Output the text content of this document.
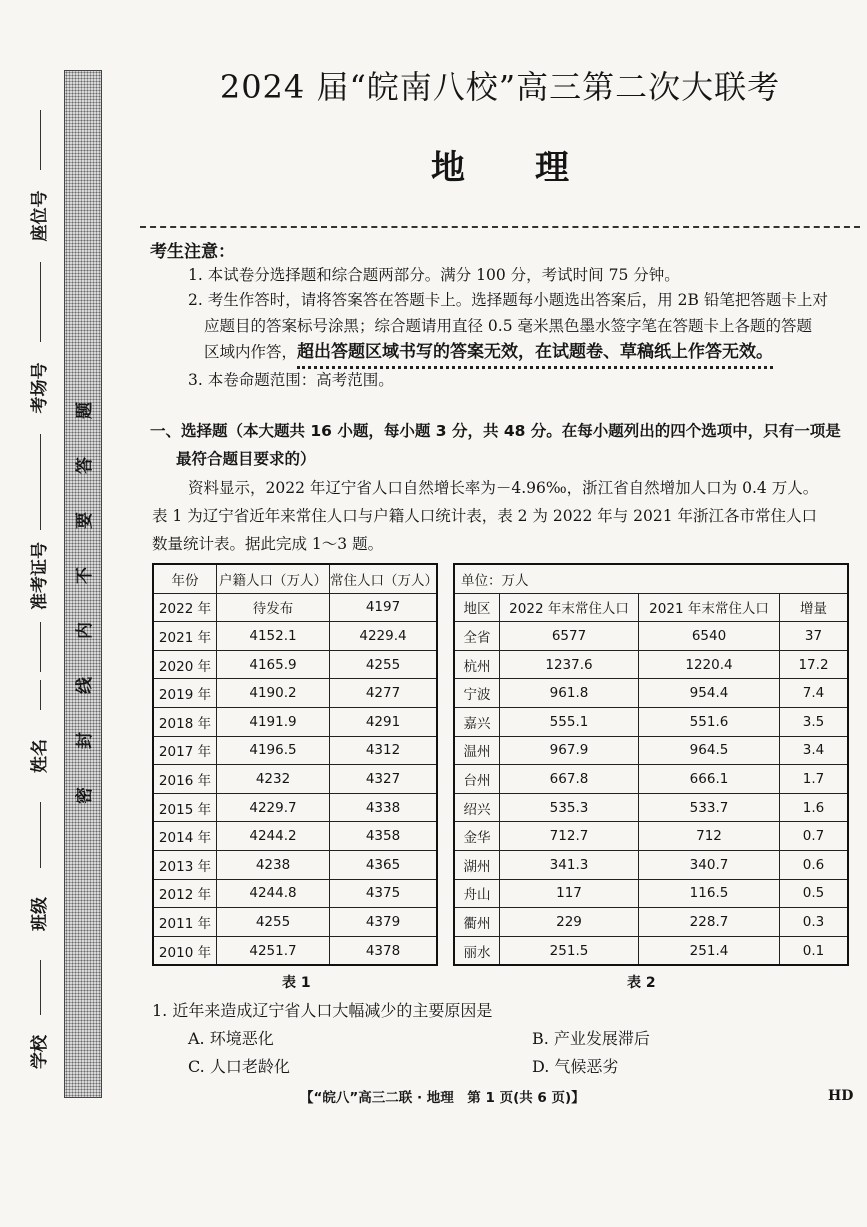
题
答
要
不
内
线
封
密
座位号
考场号
准考证号
姓名
班级
学校
2024 届“皖南八校”高三第二次大联考
地理
考生注意：
1. 本试卷分选择题和综合题两部分。满分 100 分，考试时间 75 分钟。
2. 考生作答时，请将答案答在答题卡上。选择题每小题选出答案后，用 2B 铅笔把答题卡上对
应题目的答案标号涂黑；综合题请用直径 0.5 毫米黑色墨水签字笔在答题卡上各题的答题
区域内作答，超出答题区域书写的答案无效，在试题卷、草稿纸上作答无效。
3. 本卷命题范围：高考范围。
一、选择题（本大题共 16 小题，每小题 3 分，共 48 分。在每小题列出的四个选项中，只有一项是
最符合题目要求的）
资料显示，2022 年辽宁省人口自然增长率为－4.96‰，浙江省自然增加人口为 0.4 万人。
表 1 为辽宁省近年来常住人口与户籍人口统计表，表 2 为 2022 年与 2021 年浙江各市常住人口
数量统计表。据此完成 1～3 题。
年份	户籍人口（万人）	常住人口（万人）
2022 年	待发布	4197
2021 年	4152.1	4229.4
2020 年	4165.9	4255
2019 年	4190.2	4277
2018 年	4191.9	4291
2017 年	4196.5	4312
2016 年	4232	4327
2015 年	4229.7	4338
2014 年	4244.2	4358
2013 年	4238	4365
2012 年	4244.8	4375
2011 年	4255	4379
2010 年	4251.7	4378
表 1
单位：万人			
地区	2022 年末常住人口	2021 年末常住人口	增量
全省	6577	6540	37
杭州	1237.6	1220.4	17.2
宁波	961.8	954.4	7.4
嘉兴	555.1	551.6	3.5
温州	967.9	964.5	3.4
台州	667.8	666.1	1.7
绍兴	535.3	533.7	1.6
金华	712.7	712	0.7
湖州	341.3	340.7	0.6
舟山	117	116.5	0.5
衢州	229	228.7	0.3
丽水	251.5	251.4	0.1
表 2
1. 近年来造成辽宁省人口大幅减少的主要原因是
A. 环境恶化	B. 产业发展滞后
C. 人口老龄化	D. 气候恶劣
【“皖八”高三二联 · 地理　第 1 页(共 6 页)】	HD
